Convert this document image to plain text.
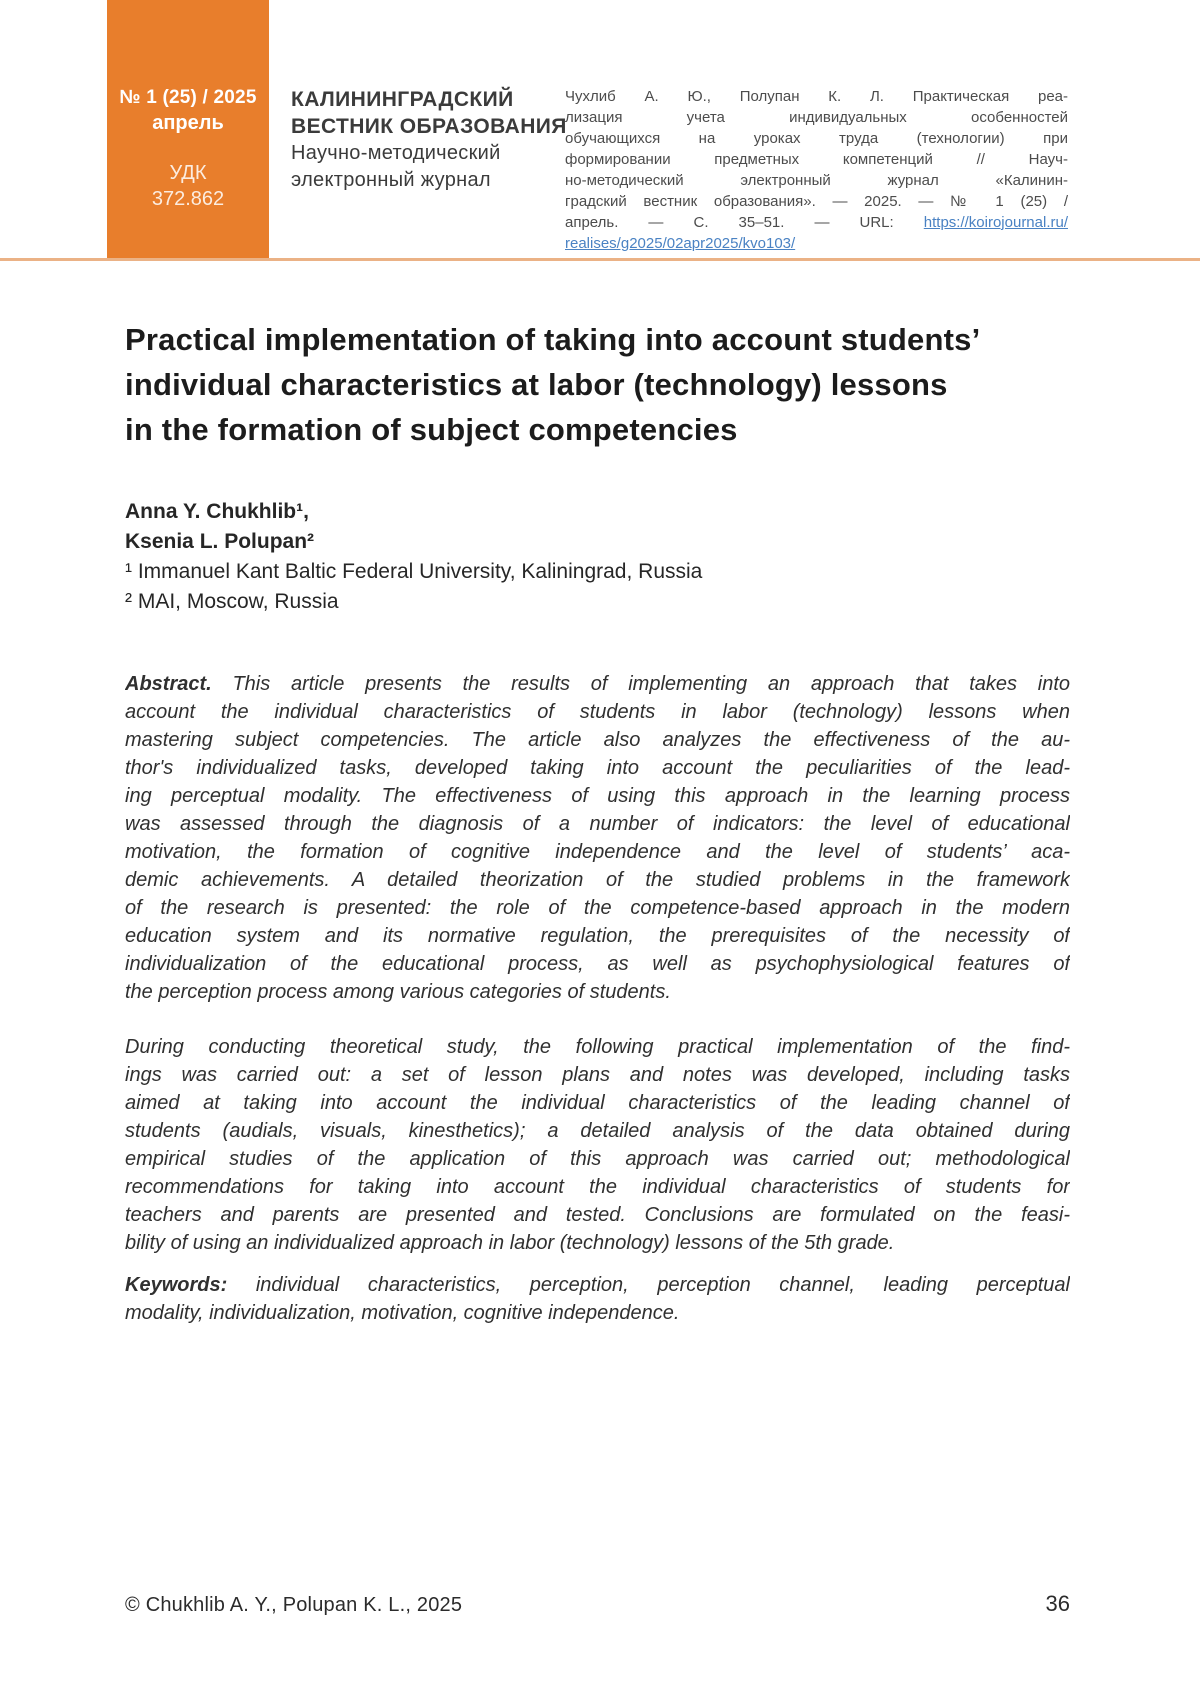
№ 1 (25) / 2025
апрель
УДК
372.862
КАЛИНИНГРАДСКИЙ
ВЕСТНИК ОБРАЗОВАНИЯ
Научно-методический
электронный журнал
Чухлиб А. Ю., Полупан К. Л. Практическая реа-
лизация учета индивидуальных особенностей
обучающихся на уроках труда (технологии) при
формировании предметных компетенций // Науч-
но-методический электронный журнал «Калинин-
градский вестник образования». — 2025. — № 1 (25) /
апрель. — С. 35–51. — URL: https://koirojournal.ru/
realises/g2025/02apr2025/kvo103/
Practical implementation of taking into account students’
individual characteristics at labor (technology) lessons
in the formation of subject competencies
Anna Y. Chukhlib¹,
Ksenia L. Polupan²
¹ Immanuel Kant Baltic Federal University, Kaliningrad, Russia
² MAI, Moscow, Russia
Abstract. This article presents the results of implementing an approach that takes into
account the individual characteristics of students in labor (technology) lessons when
mastering subject competencies. The article also analyzes the effectiveness of the au-
thor's individualized tasks, developed taking into account the peculiarities of the lead-
ing perceptual modality. The effectiveness of using this approach in the learning process
was assessed through the diagnosis of a number of indicators: the level of educational
motivation, the formation of cognitive independence and the level of students’ aca-
demic achievements. A detailed theorization of the studied problems in the framework
of the research is presented: the role of the competence-based approach in the modern
education system and its normative regulation, the prerequisites of the necessity of
individualization of the educational process, as well as psychophysiological features of
the perception process among various categories of students.
During conducting theoretical study, the following practical implementation of the find-
ings was carried out: a set of lesson plans and notes was developed, including tasks
aimed at taking into account the individual characteristics of the leading channel of
students (audials, visuals, kinesthetics); a detailed analysis of the data obtained during
empirical studies of the application of this approach was carried out; methodological
recommendations for taking into account the individual characteristics of students for
teachers and parents are presented and tested. Conclusions are formulated on the feasi-
bility of using an individualized approach in labor (technology) lessons of the 5th grade.
Keywords: individual characteristics, perception, perception channel, leading perceptual
modality, individualization, motivation, cognitive independence.
© Chukhlib A. Y., Polupan K. L., 2025	36
